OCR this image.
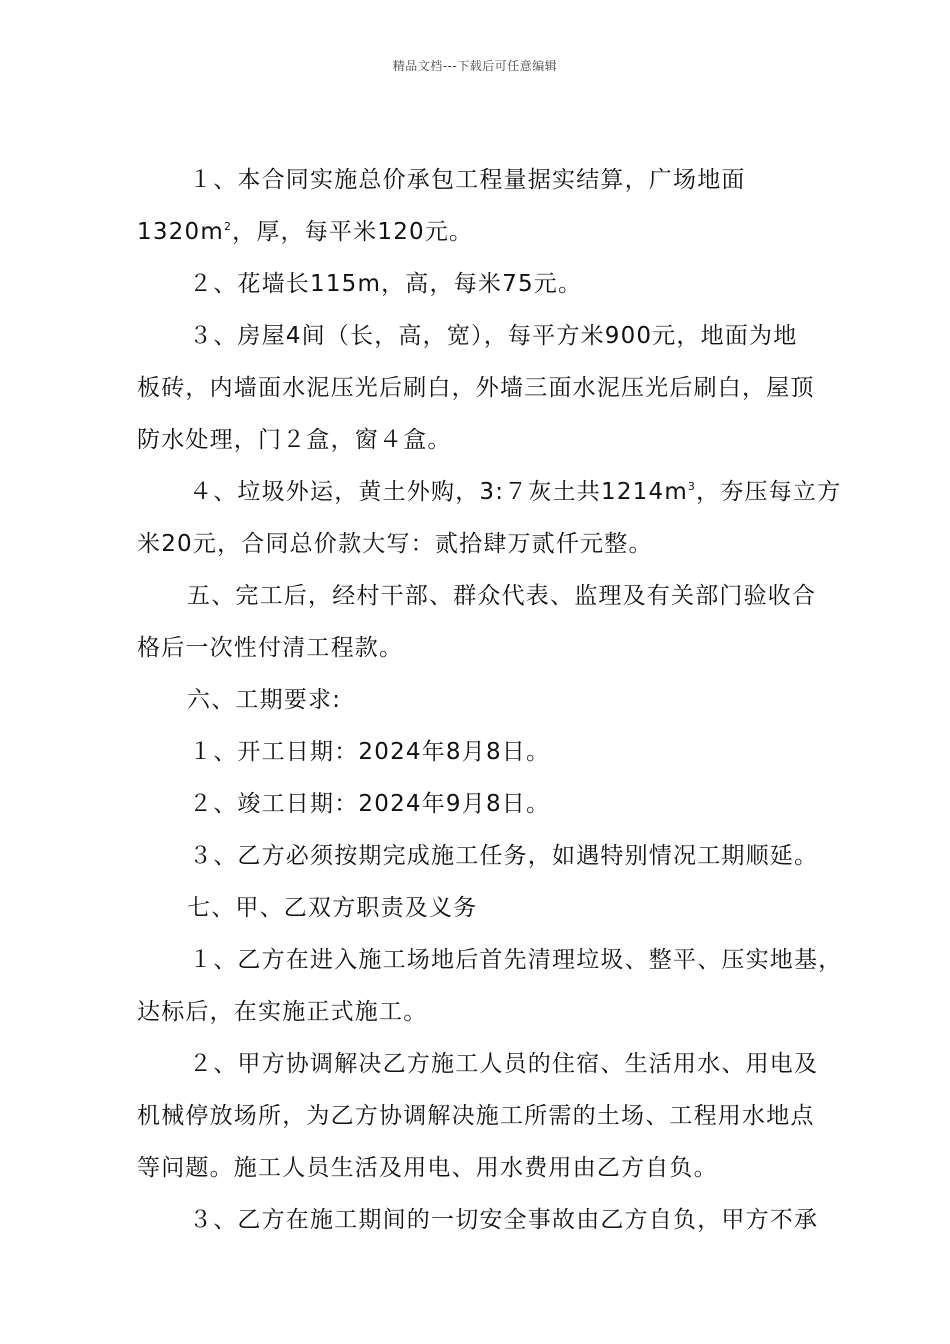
精品文档---下载后可任意编辑
１、本合同实施总价承包工程量据实结算，广场地面
$1320m^2$，厚，每平米120元。
２、花墙长115m，高，每米75元。
３、房屋4间（长，高，宽），每平方米900元，地面为地
板砖，内墙面水泥压光后刷白，外墙三面水泥压光后刷白，屋顶
防水处理，门２盒，窗４盒。
４、垃圾外运，黄土外购，3:７灰土共$1214m^3$，夯压每立方
米20元，合同总价款大写：贰拾肆万贰仟元整。
五、完工后，经村干部、群众代表、监理及有关部门验收合
格后一次性付清工程款。
六、工期要求:
１、开工日期：2024年8月8日。
２、竣工日期：2024年9月8日。
３、乙方必须按期完成施工任务，如遇特别情况工期顺延。
七、甲、乙双方职责及义务
１、乙方在进入施工场地后首先清理垃圾、整平、压实地基，
达标后，在实施正式施工。
２、甲方协调解决乙方施工人员的住宿、生活用水、用电及
机械停放场所，为乙方协调解决施工所需的土场、工程用水地点
等问题。施工人员生活及用电、用水费用由乙方自负。
３、乙方在施工期间的一切安全事故由乙方自负，甲方不承
